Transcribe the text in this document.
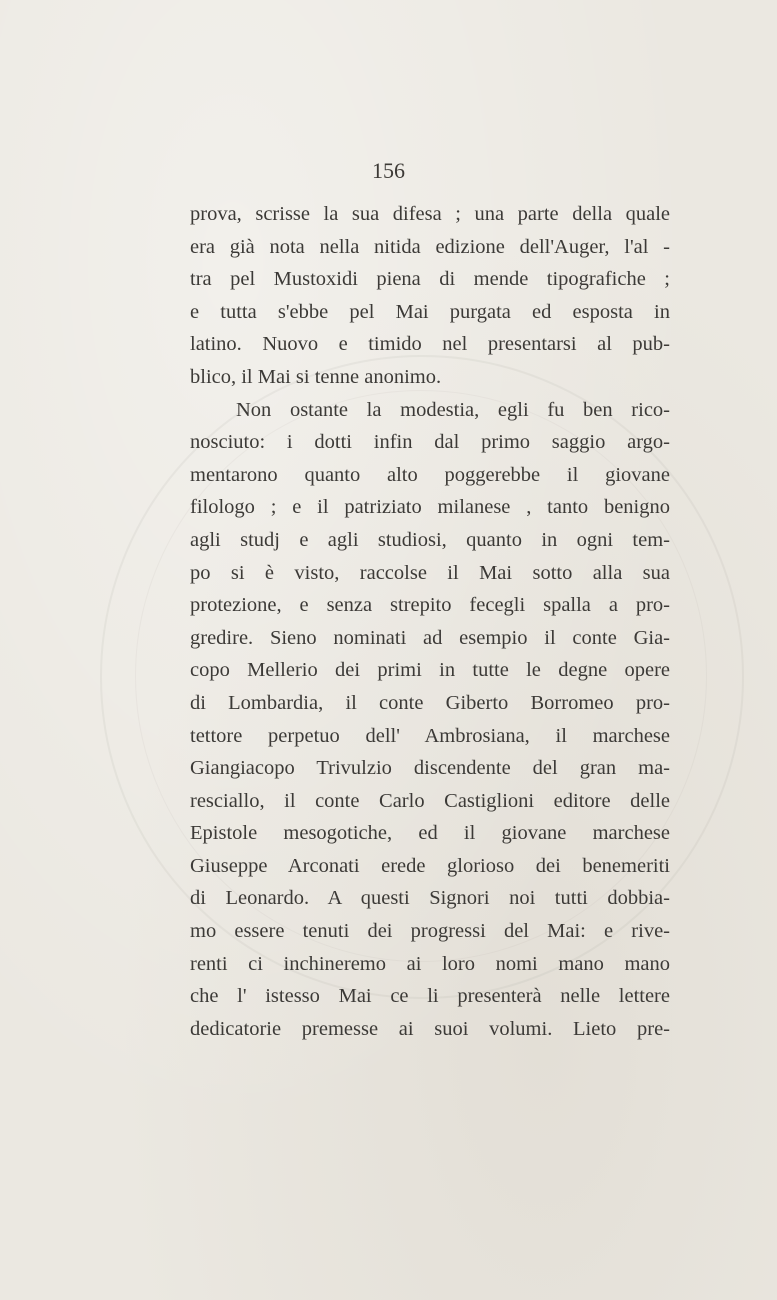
156
prova, scrisse la sua difesa ; una parte della quale
era già nota nella nitida edizione dell'Auger, l'al -
tra pel Mustoxidi piena di mende tipografiche ;
e tutta s'ebbe pel Mai purgata ed esposta in
latino. Nuovo e timido nel presentarsi al pub-
blico, il Mai si tenne anonimo.
Non ostante la modestia, egli fu ben rico-
nosciuto: i dotti infin dal primo saggio argo-
mentarono quanto alto poggerebbe il giovane
filologo ; e il patriziato milanese , tanto benigno
agli studj e agli studiosi, quanto in ogni tem-
po si è visto, raccolse il Mai sotto alla sua
protezione, e senza strepito fecegli spalla a pro-
gredire. Sieno nominati ad esempio il conte Gia-
copo Mellerio dei primi in tutte le degne opere
di Lombardia, il conte Giberto Borromeo pro-
tettore perpetuo dell' Ambrosiana, il marchese
Giangiacopo Trivulzio discendente del gran ma-
resciallo, il conte Carlo Castiglioni editore delle
Epistole mesogotiche, ed il giovane marchese
Giuseppe Arconati erede glorioso dei benemeriti
di Leonardo. A questi Signori noi tutti dobbia-
mo essere tenuti dei progressi del Mai: e rive-
renti ci inchineremo ai loro nomi mano mano
che l' istesso Mai ce li presenterà nelle lettere
dedicatorie premesse ai suoi volumi. Lieto pre-
